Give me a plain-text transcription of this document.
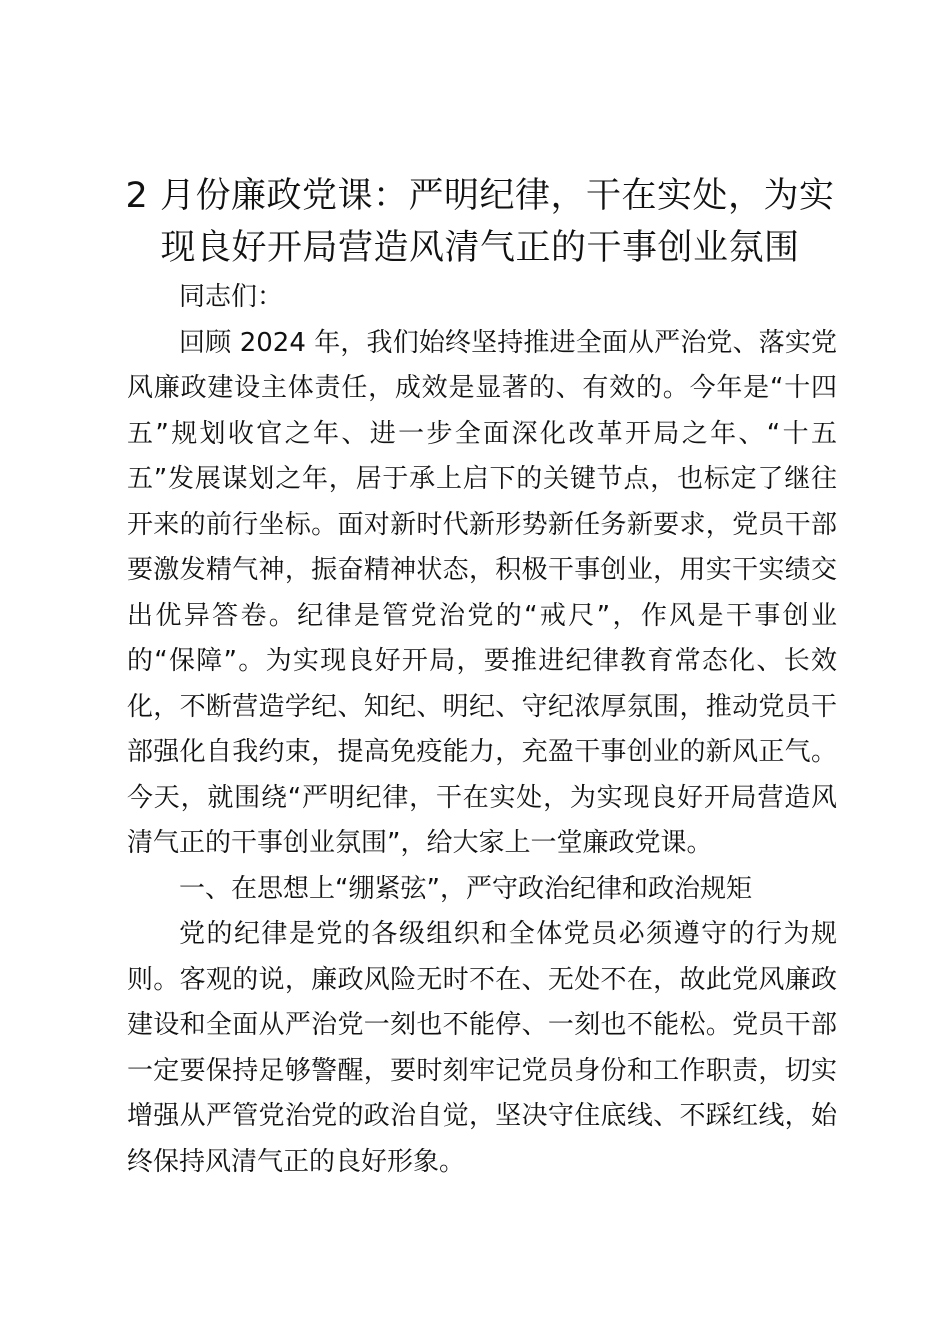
2 月份廉政党课：严明纪律，干在实处，为实
现良好开局营造风清气正的干事创业氛围

同志们：

回顾 2024 年，我们始终坚持推进全面从严治党、落实党风廉政建设主体责任，成效是显著的、有效的。今年是“十四五”规划收官之年、进一步全面深化改革开局之年、“十五五”发展谋划之年，居于承上启下的关键节点，也标定了继往开来的前行坐标。面对新时代新形势新任务新要求，党员干部要激发精气神，振奋精神状态，积极干事创业，用实干实绩交出优异答卷。纪律是管党治党的“戒尺”，作风是干事创业的“保障”。为实现良好开局，要推进纪律教育常态化、长效化，不断营造学纪、知纪、明纪、守纪浓厚氛围，推动党员干部强化自我约束，提高免疫能力，充盈干事创业的新风正气。今天，就围绕“严明纪律，干在实处，为实现良好开局营造风清气正的干事创业氛围”，给大家上一堂廉政党课。

一、在思想上“绷紧弦”，严守政治纪律和政治规矩

党的纪律是党的各级组织和全体党员必须遵守的行为规则。客观的说，廉政风险无时不在、无处不在，故此党风廉政建设和全面从严治党一刻也不能停、一刻也不能松。党员干部一定要保持足够警醒，要时刻牢记党员身份和工作职责，切实增强从严管党治党的政治自觉，坚决守住底线、不踩红线，始终保持风清气正的良好形象。
